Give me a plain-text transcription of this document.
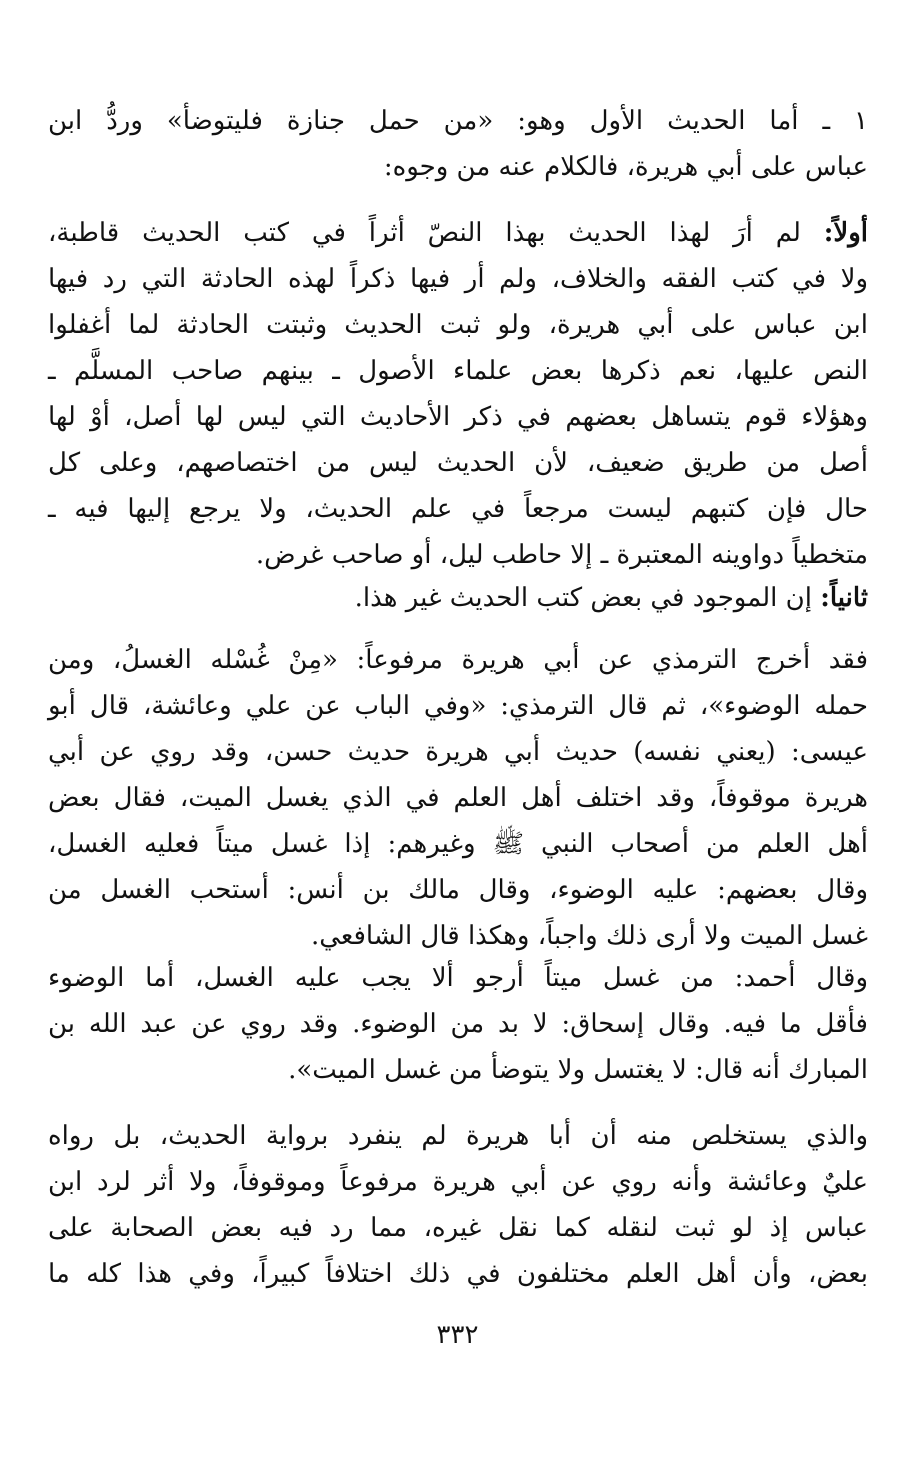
١ ـ أما الحديث الأول وهو: «من حمل جنازة فليتوضأ» وردُّ ابن
عباس على أبي هريرة، فالكلام عنه من وجوه:
أولاً: لم أرَ لهذا الحديث بهذا النصّ أثراً في كتب الحديث قاطبة،
ولا في كتب الفقه والخلاف، ولم أر فيها ذكراً لهذه الحادثة التي رد فيها
ابن عباس على أبي هريرة، ولو ثبت الحديث وثبتت الحادثة لما أغفلوا
النص عليها، نعم ذكرها بعض علماء الأصول ـ بينهم صاحب المسلَّم ـ
وهؤلاء قوم يتساهل بعضهم في ذكر الأحاديث التي ليس لها أصل، أوْ لها
أصل من طريق ضعيف، لأن الحديث ليس من اختصاصهم، وعلى كل
حال فإن كتبهم ليست مرجعاً في علم الحديث، ولا يرجع إليها فيه ـ
متخطياً دواوينه المعتبرة ـ إلا حاطب ليل، أو صاحب غرض.
ثانياً: إن الموجود في بعض كتب الحديث غير هذا.
فقد أخرج الترمذي عن أبي هريرة مرفوعاً: «مِنْ غُسْله الغسلُ، ومن
حمله الوضوء»، ثم قال الترمذي: «وفي الباب عن علي وعائشة، قال أبو
عيسى: (يعني نفسه) حديث أبي هريرة حديث حسن، وقد روي عن أبي
هريرة موقوفاً، وقد اختلف أهل العلم في الذي يغسل الميت، فقال بعض
أهل العلم من أصحاب النبي ﷺ وغيرهم: إذا غسل ميتاً فعليه الغسل،
وقال بعضهم: عليه الوضوء، وقال مالك بن أنس: أستحب الغسل من
غسل الميت ولا أرى ذلك واجباً، وهكذا قال الشافعي.
وقال أحمد: من غسل ميتاً أرجو ألا يجب عليه الغسل، أما الوضوء
فأقل ما فيه. وقال إسحاق: لا بد من الوضوء. وقد روي عن عبد الله بن
المبارك أنه قال: لا يغتسل ولا يتوضأ من غسل الميت».
والذي يستخلص منه أن أبا هريرة لم ينفرد برواية الحديث، بل رواه
عليٌ وعائشة وأنه روي عن أبي هريرة مرفوعاً وموقوفاً، ولا أثر لرد ابن
عباس إذ لو ثبت لنقله كما نقل غيره، مما رد فيه بعض الصحابة على
بعض، وأن أهل العلم مختلفون في ذلك اختلافاً كبيراً، وفي هذا كله ما
٣٣٢
